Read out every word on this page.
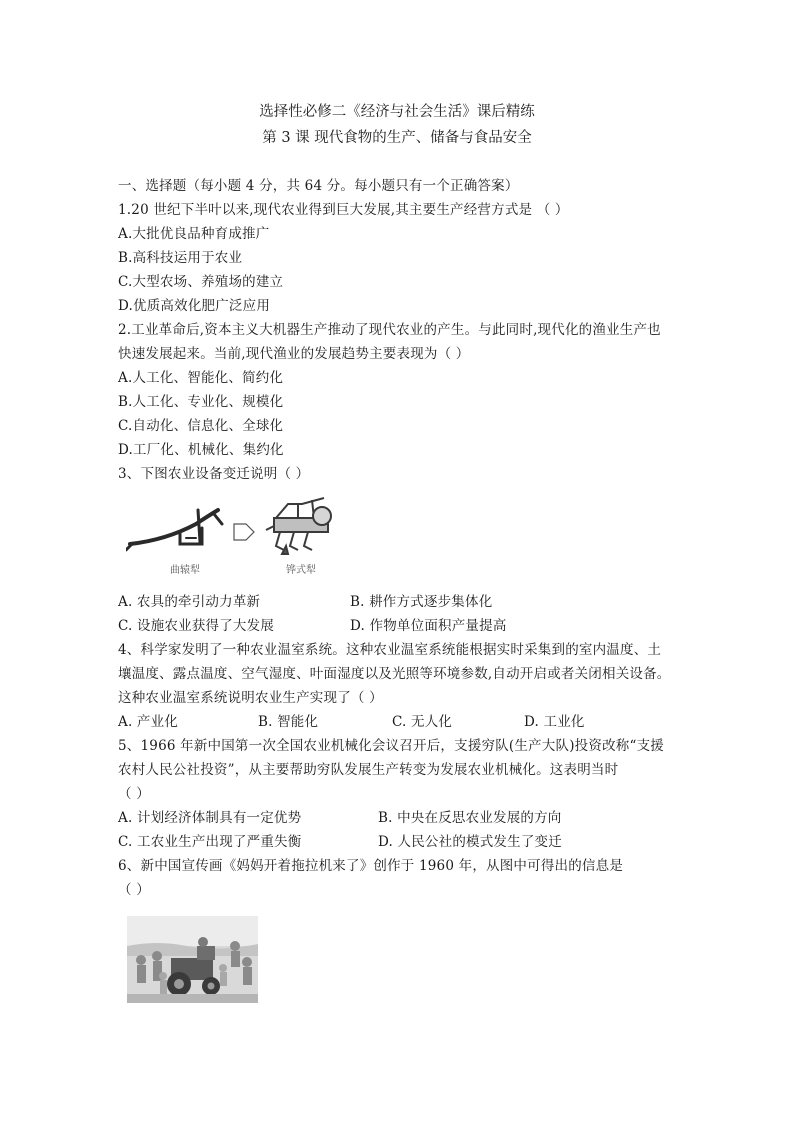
选择性必修二《经济与社会生活》课后精练
第 3 课 现代食物的生产、储备与食品安全
一、选择题（每小题 4 分，共 64 分。每小题只有一个正确答案）
1.20 世纪下半叶以来,现代农业得到巨大发展,其主要生产经营方式是 （ ）
A.大批优良品种育成推广
B.高科技运用于农业
C.大型农场、养殖场的建立
D.优质高效化肥广泛应用
2.工业革命后,资本主义大机器生产推动了现代农业的产生。与此同时,现代化的渔业生产也
快速发展起来。当前,现代渔业的发展趋势主要表现为（ ）
A.人工化、智能化、简约化
B.人工化、专业化、规模化
C.自动化、信息化、全球化
D.工厂化、机械化、集约化
3、下图农业设备变迁说明（ ）
曲辕犁	铧式犁
A. 农具的牵引动力革新	B. 耕作方式逐步集体化
C. 设施农业获得了大发展	D. 作物单位面积产量提高
4、科学家发明了一种农业温室系统。这种农业温室系统能根据实时采集到的室内温度、土
壤温度、露点温度、空气湿度、叶面湿度以及光照等环境参数,自动开启或者关闭相关设备。
这种农业温室系统说明农业生产实现了（ ）
A. 产业化	B. 智能化	C. 无人化	D. 工业化
5、1966 年新中国第一次全国农业机械化会议召开后，支援穷队(生产大队)投资改称“支援
农村人民公社投资”，从主要帮助穷队发展生产转变为发展农业机械化。这表明当时
（ ）
A. 计划经济体制具有一定优势	B. 中央在反思农业发展的方向
C. 工农业生产出现了严重失衡	D. 人民公社的模式发生了变迁
6、新中国宣传画《妈妈开着拖拉机来了》创作于 1960 年，从图中可得出的信息是
（ ）
